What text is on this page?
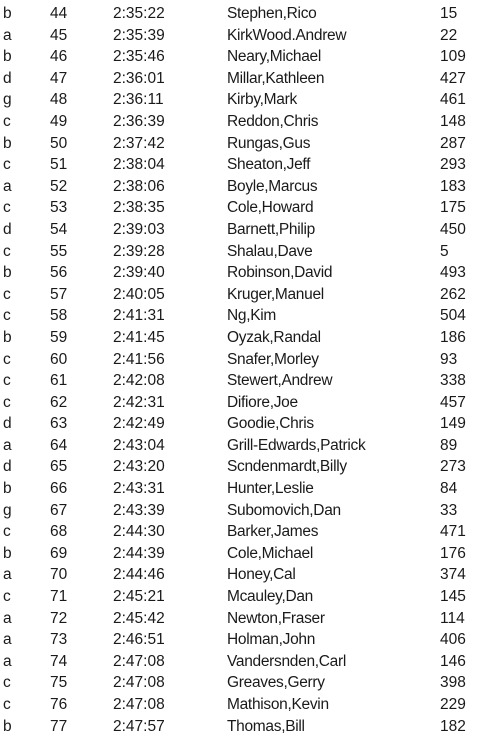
b 44	2:35:22	Stephen,Rico	15
a 45	2:35:39	KirkWood.Andrew	22
b 46	2:35:46	Neary,Michael	109
d 47	2:36:01	Millar,Kathleen	427
g 48	2:36:11	Kirby,Mark	461
c	49	2:36:39	Reddon,Chris	148
b 50	2:37:42	Rungas,Gus	287
c	51	2:38:04	Sheaton,Jeff	293
a 52	2:38:06	Boyle,Marcus	183
c	53	2:38:35	Cole,Howard	175
d 54	2:39:03	Barnett,Philip	450
c	55	2:39:28	Shalau,Dave	5
b 56	2:39:40	Robinson,David	493
c	57	2:40:05	Kruger,Manuel	262
c	58	2:41:31	Ng,Kim	504
b 59	2:41:45	Oyzak,Randal	186
c	60	2:41:56	Snafer,Morley	93
c	61	2:42:08	Stewert,Andrew	338
c	62	2:42:31	Difiore,Joe	457
d 63	2:42:49	Goodie,Chris	149
a 64	2:43:04	Grill-Edwards,Patrick	89
d 65	2:43:20	Scndenmardt,Billy	273
b 66	2:43:31	Hunter,Leslie	84
g 67	2:43:39	Subomovich,Dan	33
c	68	2:44:30	Barker,James	471
b 69	2:44:39	Cole,Michael	176
a 70	2:44:46	Honey,Cal	374
c	71	2:45:21	Mcauley,Dan	145
a 72	2:45:42	Newton,Fraser	114
a 73	2:46:51	Holman,John	406
a 74	2:47:08	Vandersnden,Carl	146
c	75	2:47:08	Greaves,Gerry	398
c	76	2:47:08	Mathison,Kevin	229
b 77	2:47:57	Thomas,Bill	182
